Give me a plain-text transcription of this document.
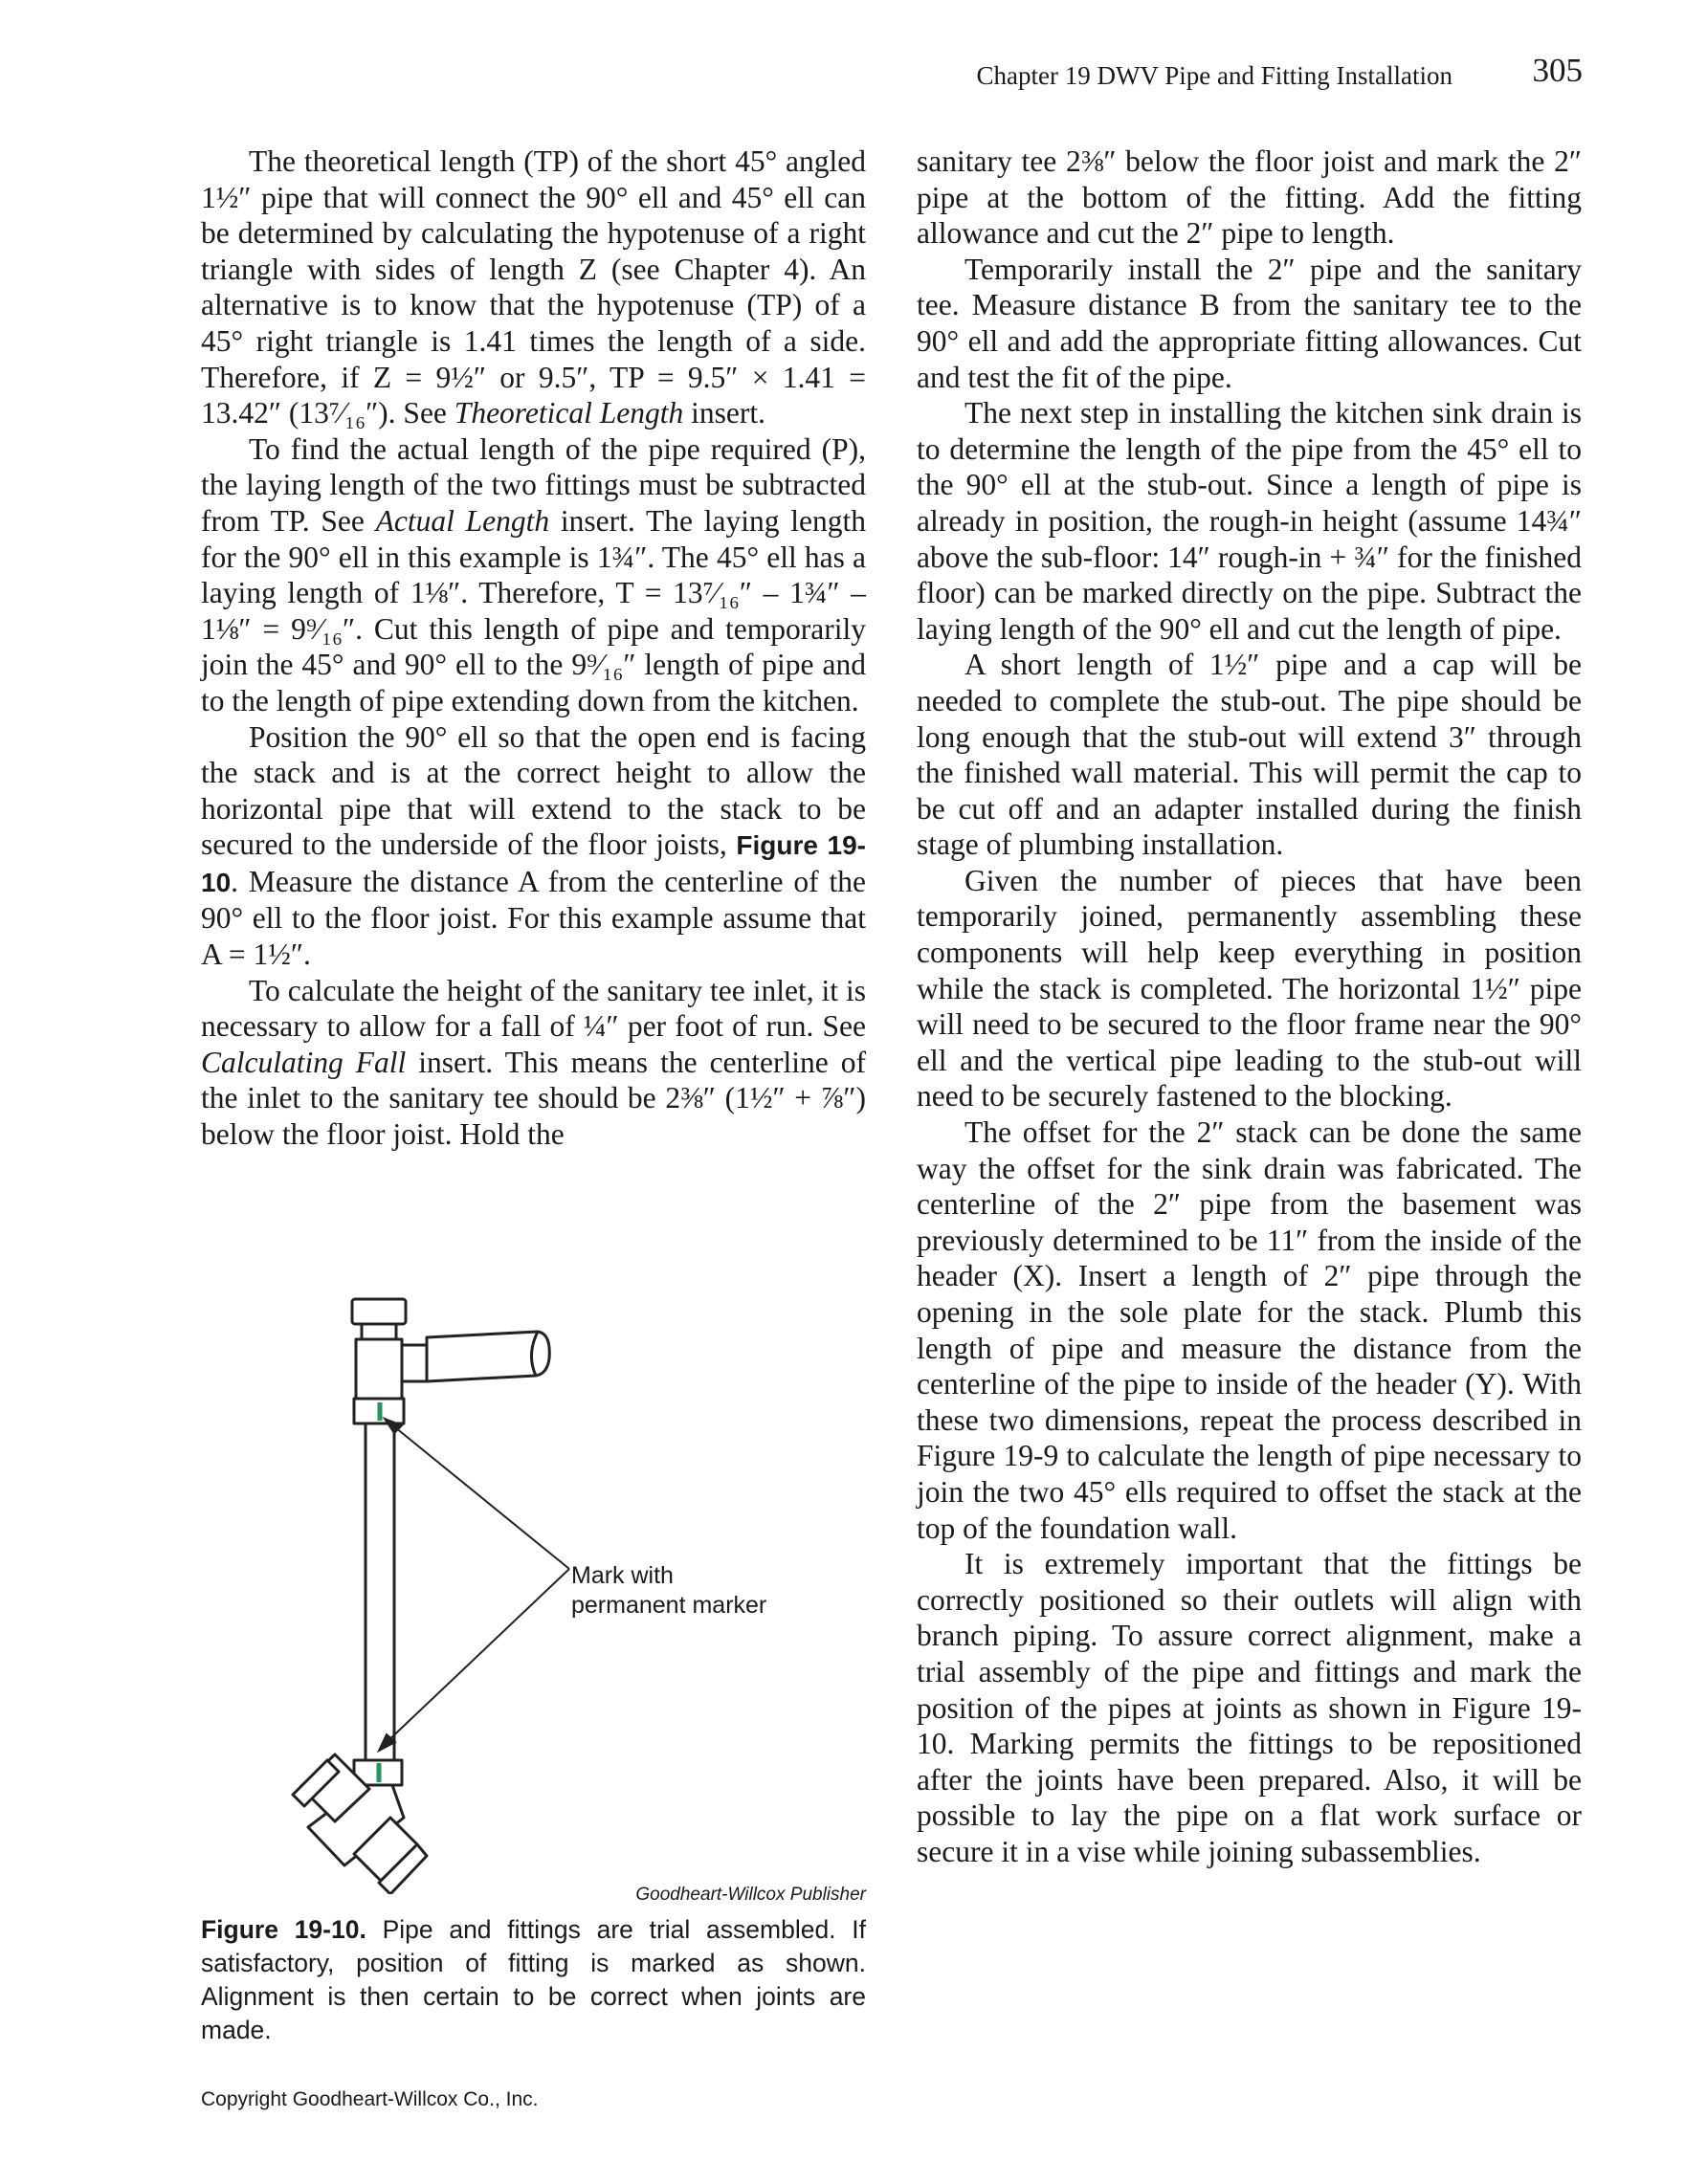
Chapter 19 DWV Pipe and Fitting Installation 305

The theoretical length (TP) of the short 45° angled 1½″ pipe that will connect the 90° ell and 45° ell can be determined by calculating the hypotenuse of a right triangle with sides of length Z (see Chapter 4). An alternative is to know that the hypotenuse (TP) of a 45° right triangle is 1.41 times the length of a side. Therefore, if Z = 9½″ or 9.5″, TP = 9.5″ × 1.41 = 13.42″ (13⁷⁄₁₆″). See Theoretical Length insert.

To find the actual length of the pipe required (P), the laying length of the two fittings must be subtracted from TP. See Actual Length insert. The laying length for the 90° ell in this example is 1¾″. The 45° ell has a laying length of 1⅛″. Therefore, T = 13⁷⁄₁₆″ – 1¾″ – 1⅛″ = 9⁹⁄₁₆″. Cut this length of pipe and temporarily join the 45° and 90° ell to the 9⁹⁄₁₆″ length of pipe and to the length of pipe extending down from the kitchen.

Position the 90° ell so that the open end is facing the stack and is at the correct height to allow the horizontal pipe that will extend to the stack to be secured to the underside of the floor joists, Figure 19-10. Measure the distance A from the centerline of the 90° ell to the floor joist. For this example assume that A = 1½″.

To calculate the height of the sanitary tee inlet, it is necessary to allow for a fall of ¼″ per foot of run. See Calculating Fall insert. This means the centerline of the inlet to the sanitary tee should be 2⅜″ (1½″ + ⅞″) below the floor joist. Hold the

sanitary tee 2⅜″ below the floor joist and mark the 2″ pipe at the bottom of the fitting. Add the fitting allowance and cut the 2″ pipe to length.

Temporarily install the 2″ pipe and the sanitary tee. Measure distance B from the sanitary tee to the 90° ell and add the appropriate fitting allowances. Cut and test the fit of the pipe.

The next step in installing the kitchen sink drain is to determine the length of the pipe from the 45° ell to the 90° ell at the stub-out. Since a length of pipe is already in position, the rough-in height (assume 14¾″ above the sub-floor: 14″ rough-in + ¾″ for the finished floor) can be marked directly on the pipe. Subtract the laying length of the 90° ell and cut the length of pipe.

A short length of 1½″ pipe and a cap will be needed to complete the stub-out. The pipe should be long enough that the stub-out will extend 3″ through the finished wall material. This will permit the cap to be cut off and an adapter installed during the finish stage of plumbing installation.

Given the number of pieces that have been temporarily joined, permanently assembling these components will help keep everything in position while the stack is completed. The horizontal 1½″ pipe will need to be secured to the floor frame near the 90° ell and the vertical pipe leading to the stub-out will need to be securely fastened to the blocking.

The offset for the 2″ stack can be done the same way the offset for the sink drain was fabricated. The centerline of the 2″ pipe from the basement was previously determined to be 11″ from the inside of the header (X). Insert a length of 2″ pipe through the opening in the sole plate for the stack. Plumb this length of pipe and measure the distance from the centerline of the pipe to inside of the header (Y). With these two dimensions, repeat the process described in Figure 19-9 to calculate the length of pipe necessary to join the two 45° ells required to offset the stack at the top of the foundation wall.

It is extremely important that the fittings be correctly positioned so their outlets will align with branch piping. To assure correct alignment, make a trial assembly of the pipe and fittings and mark the position of the pipes at joints as shown in Figure 19-10. Marking permits the fittings to be repositioned after the joints have been prepared. Also, it will be possible to lay the pipe on a flat work surface or secure it in a vise while joining subassemblies.

Mark with
permanent marker
Goodheart-Willcox Publisher
Figure 19-10. Pipe and fittings are trial assembled. If satisfactory, position of fitting is marked as shown. Alignment is then certain to be correct when joints are made.
Copyright Goodheart-Willcox Co., Inc.
